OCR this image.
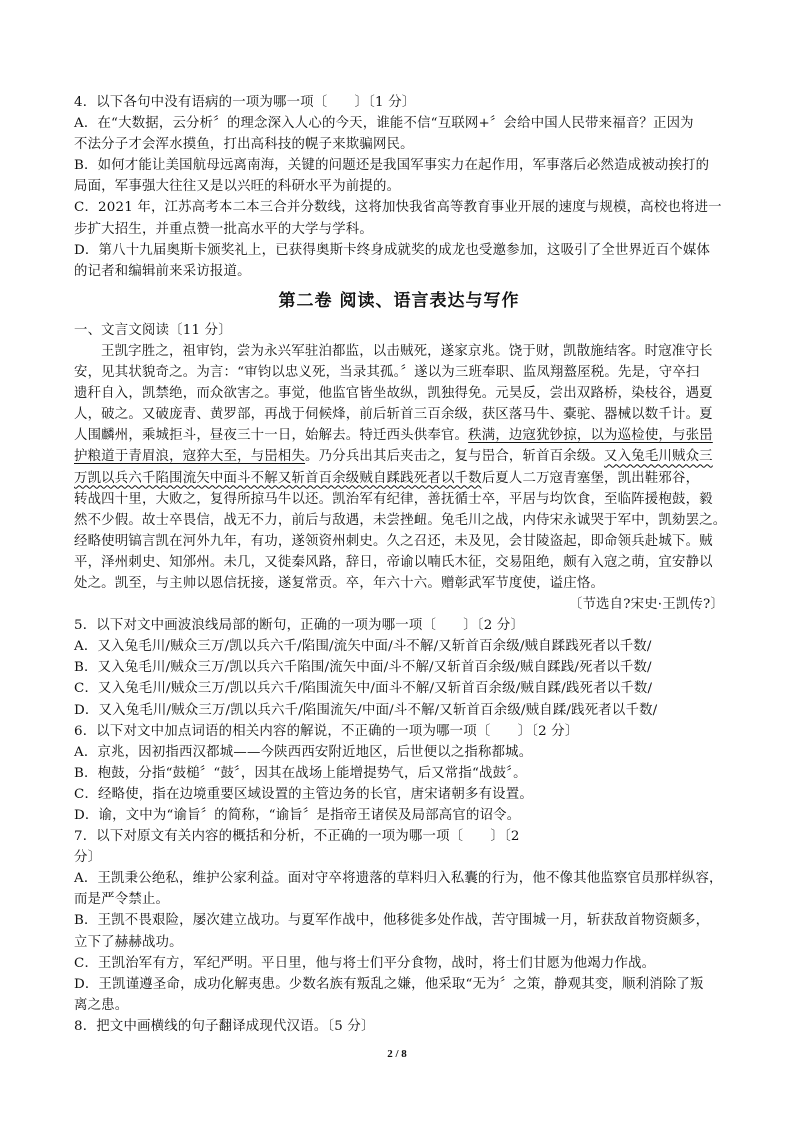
4．以下各句中没有语病的一项为哪一项〔　　〕〔1 分〕
A．在“大数据，云分析〞的理念深入人心的今天，谁能不信“互联网+〞会给中国人民带来福音？正因为
不法分子才会浑水摸鱼，打出高科技的幌子来欺骗网民。
B．如何才能让美国航母远离南海，关键的问题还是我国军事实力在起作用，军事落后必然造成被动挨打的
局面，军事强大往往又是以兴旺的科研水平为前提的。
C．2021 年，江苏高考本二本三合并分数线，这将加快我省高等教育事业开展的速度与规模，高校也将进一
步扩大招生，并重点赞一批高水平的大学与学科。
D．第八十九届奥斯卡颁奖礼上，已获得奥斯卡终身成就奖的成龙也受邀参加，这吸引了全世界近百个媒体
的记者和编辑前来采访报道。
第二卷 阅读、语言表达与写作
一、文言文阅读〔11 分〕
王凯字胜之，祖审钧，尝为永兴军驻泊都监，以击贼死，遂家京兆。饶于财，凯散施结客。时寇准守长
安，见其状貌奇之。为言：“审钧以忠义死，当录其孤。〞遂以为三班奉职、监凤翔盩厔税。先是，守卒扫
遗秆自入，凯禁绝，而众欲害之。事觉，他监官皆坐故纵，凯独得免。元昊反，尝出双路桥，染枝谷，遇夏
人，破之。又破庞青、黄罗部，再战于伺候烽，前后斩首三百余级，获区落马牛、橐驼、器械以数千计。夏
人围麟州，乘城拒斗，昼夜三十一日，始解去。特迁西头供奉官。秩满，边寇犹钞掠，以为巡检使，与张岊
护粮道于青眉浪，寇猝大至，与岊相失。乃分兵出其后夹击之，复与岊合，斩首百余级。又入兔毛川贼众三
万凯以兵六千陷围流矢中面斗不解又斩首百余级贼自蹂践死者以千数后夏人二万寇青塞堡，凯出鞋邪谷，
转战四十里，大败之，复得所掠马牛以还。凯治军有纪律，善抚循士卒，平居与均饮食，至临阵援枹鼓，毅
然不少假。故士卒畏信，战无不力，前后与敌遇，未尝挫衄。兔毛川之战，内侍宋永诚哭于军中，凯劾罢之。
经略使明镐言凯在河外九年，有功，遂领资州刺史。久之召还，未及见，会甘陵盗起，即命领兵赴城下。贼
平，泽州刺史、知邠州。未几，又徙秦风路，辞日，帝谕以喃氏木征，交易阻绝，颇有入寇之萌，宜安静以
处之。凯至，与主帅以恩信抚接，遂复常贡。卒，年六十六。赠彰武军节度使，谥庄恪。
〔节选自?宋史·王凯传?〕
5．以下对文中画波浪线局部的断句，正确的一项为哪一项〔　　〕〔2 分〕
A．又入兔毛川/贼众三万/凯以兵六千/陷围/流矢中面/斗不解/又斩首百余级/贼自蹂践死者以千数/
B．又入兔毛川/贼众三万/凯以兵六千陷围/流矢中面/斗不解/又斩首百余级/贼自蹂践/死者以千数/
C．又入兔毛川/贼众三万/凯以兵六千/陷围流矢中/面斗不解/又斩首百余级/贼自蹂/践死者以千数/
D．又入兔毛川/贼众三万/凯以兵六千/陷围流矢/中面/斗不解/又斩首百余级/贼自蹂/践死者以千数/
6．以下对文中加点词语的相关内容的解说，不正确的一项为哪一项〔　　〕〔2 分〕
A．京兆，因初指西汉都城——今陕西西安附近地区，后世便以之指称都城。
B．枹鼓，分指“鼓槌〞“鼓〞，因其在战场上能增提势气，后又常指“战鼓〞。
C．经略使，指在边境重要区域设置的主管边务的长官，唐宋诸朝多有设置。
D．谕，文中为“谕旨〞的简称，“谕旨〞是指帝王诸侯及局部高官的诏令。
7．以下对原文有关内容的概括和分析，不正确的一项为哪一项〔　　〕〔2
分〕
A．王凯秉公绝私，维护公家利益。面对守卒将遗落的草料归入私囊的行为，他不像其他监察官员那样纵容，
而是严令禁止。
B．王凯不畏艰险，屡次建立战功。与夏军作战中，他移徙多处作战，苦守围城一月，斩获敌首物资颇多，
立下了赫赫战功。
C．王凯治军有方，军纪严明。平日里，他与将士们平分食物，战时，将士们甘愿为他竭力作战。
D．王凯谨遵圣命，成功化解夷患。少数名族有叛乱之嫌，他采取“无为〞之策，静观其变，顺利消除了叛
离之患。
8．把文中画横线的句子翻译成现代汉语。〔5 分〕
2 / 8
